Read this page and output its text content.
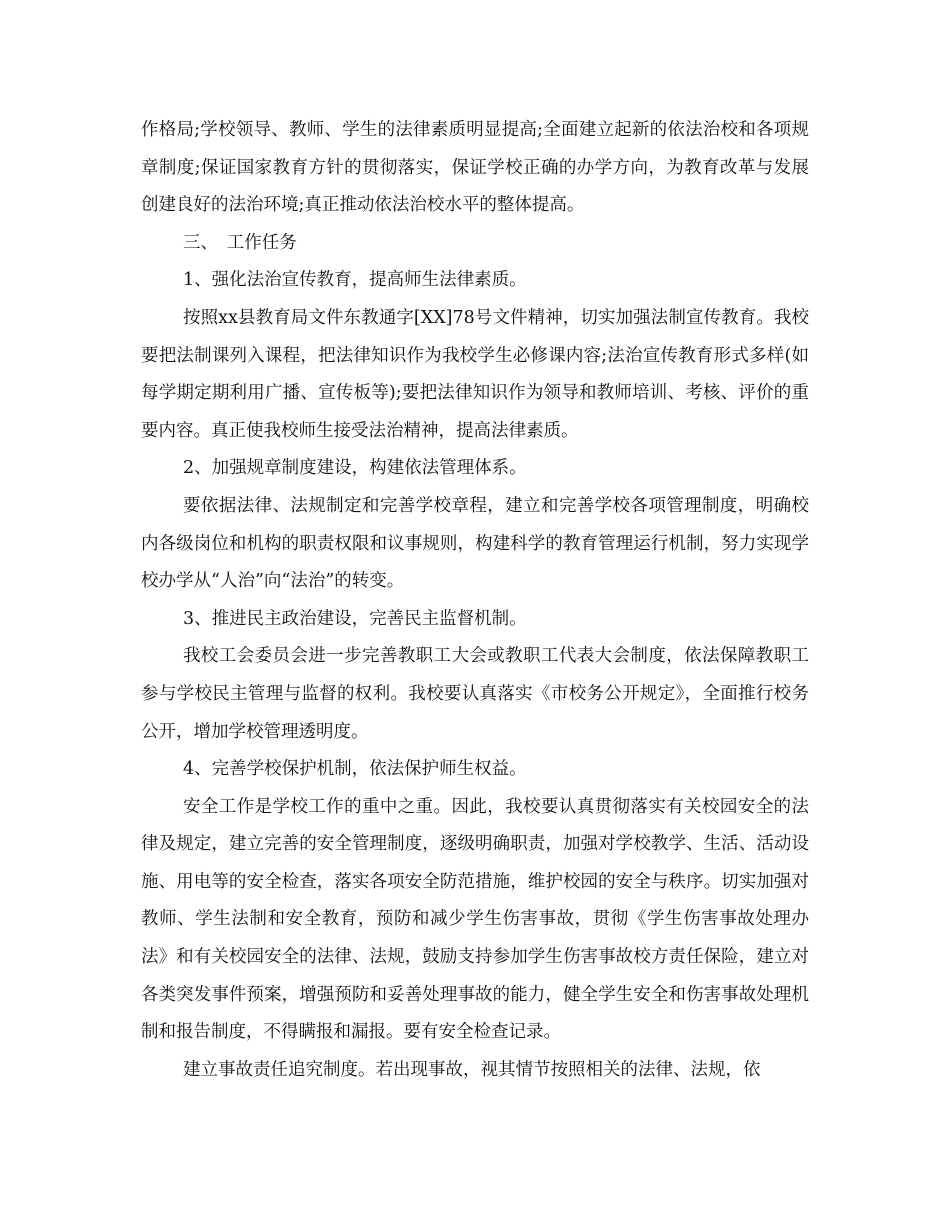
作格局;学校领导、教师、学生的法律素质明显提高;全面建立起新的依法治校和各项规章制度;保证国家教育方针的贯彻落实，保证学校正确的办学方向，为教育改革与发展创建良好的法治环境;真正推动依法治校水平的整体提高。

三、　工作任务

1、强化法治宣传教育，提高师生法律素质。

按照xx县教育局文件东教通字[XX]78号文件精神，切实加强法制宣传教育。我校要把法制课列入课程，把法律知识作为我校学生必修课内容;法治宣传教育形式多样(如每学期定期利用广播、宣传板等);要把法律知识作为领导和教师培训、考核、评价的重要内容。真正使我校师生接受法治精神，提高法律素质。

2、加强规章制度建设，构建依法管理体系。

要依据法律、法规制定和完善学校章程，建立和完善学校各项管理制度，明确校内各级岗位和机构的职责权限和议事规则，构建科学的教育管理运行机制，努力实现学校办学从“人治”向“法治”的转变。

3、推进民主政治建设，完善民主监督机制。

我校工会委员会进一步完善教职工大会或教职工代表大会制度，依法保障教职工参与学校民主管理与监督的权利。我校要认真落实《市校务公开规定》，全面推行校务公开，增加学校管理透明度。

4、完善学校保护机制，依法保护师生权益。

安全工作是学校工作的重中之重。因此，我校要认真贯彻落实有关校园安全的法律及规定，建立完善的安全管理制度，逐级明确职责，加强对学校教学、生活、活动设施、用电等的安全检查，落实各项安全防范措施，维护校园的安全与秩序。切实加强对教师、学生法制和安全教育，预防和减少学生伤害事故，贯彻《学生伤害事故处理办法》和有关校园安全的法律、法规，鼓励支持参加学生伤害事故校方责任保险，建立对各类突发事件预案，增强预防和妥善处理事故的能力，健全学生安全和伤害事故处理机制和报告制度，不得瞒报和漏报。要有安全检查记录。

建立事故责任追究制度。若出现事故，视其情节按照相关的法律、法规，依
